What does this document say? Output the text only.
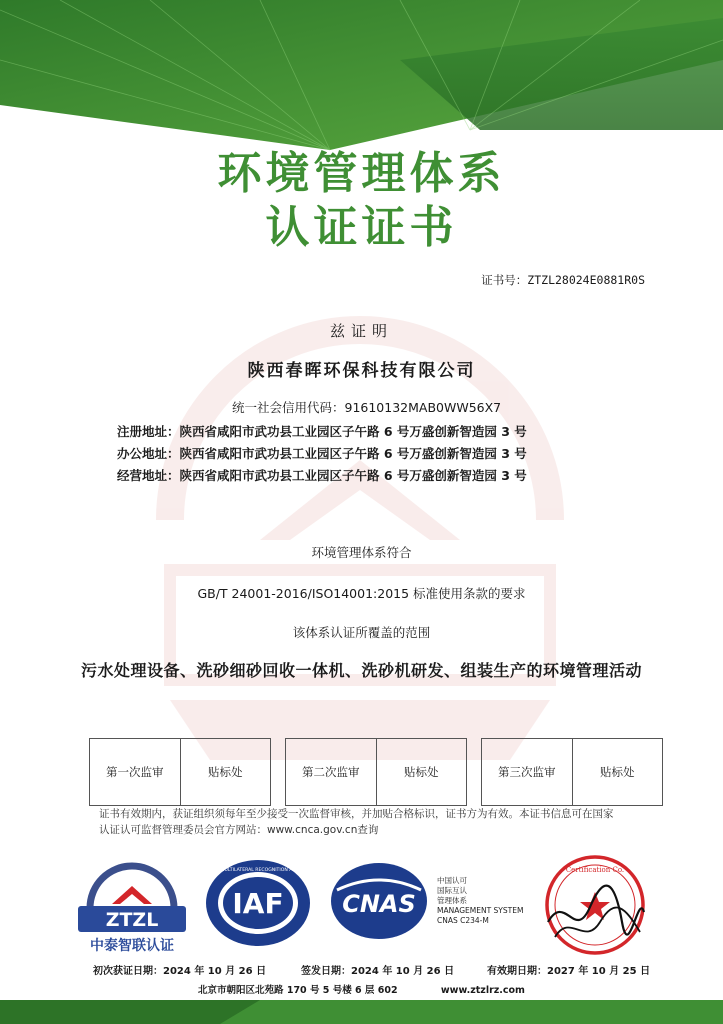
环境管理体系
认证证书
证书号：ZTZL28024E0881R0S
兹证明
陕西春晖环保科技有限公司
统一社会信用代码：91610132MAB0WW56X7
注册地址：陕西省咸阳市武功县工业园区子午路 6 号万盛创新智造园 3 号
办公地址：陕西省咸阳市武功县工业园区子午路 6 号万盛创新智造园 3 号
经营地址：陕西省咸阳市武功县工业园区子午路 6 号万盛创新智造园 3 号
环境管理体系符合
GB/T 24001-2016/ISO14001:2015 标准使用条款的要求
该体系认证所覆盖的范围
污水处理设备、洗砂细砂回收一体机、洗砂机研发、组装生产的环境管理活动
第一次监审	贴标处	第二次监审	贴标处	第三次监审	贴标处
证书有效期内，获证组织须每年至少接受一次监督审核，并加贴合格标识，证书方为有效。本证书信息可在国家
认证认可监督管理委员会官方网站：www.cnca.gov.cn查询
ZTZL
中泰智联认证
IAF
MEMBER OF MULTILATERAL RECOGNITION ARRANGEMENT
CNAS
中国认可
国际互认
管理体系
MANAGEMENT SYSTEM
CNAS C234-M
Certification Co.
初次获证日期：2024 年 10 月 26 日	签发日期：2024 年 10 月 26 日	有效期日期：2027 年 10 月 25 日
北京市朝阳区北苑路 170 号 5 号楼 6 层 602	www.ztzlrz.com
